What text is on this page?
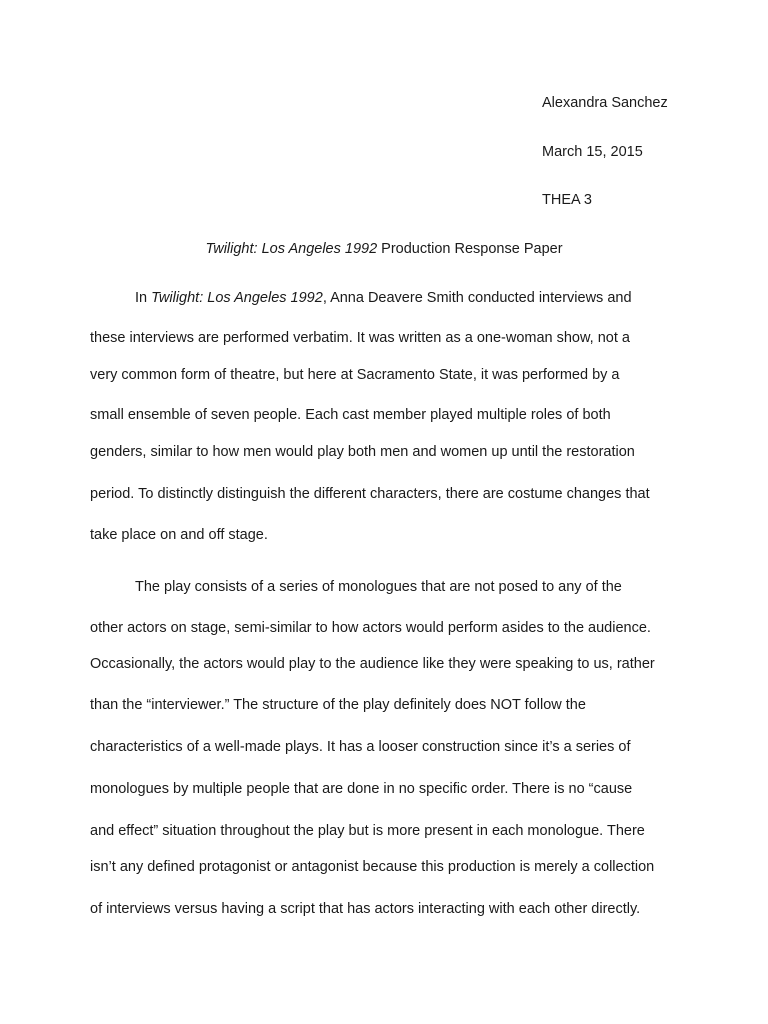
Alexandra Sanchez
March 15, 2015
THEA 3
Twilight: Los Angeles 1992 Production Response Paper
In Twilight: Los Angeles 1992, Anna Deavere Smith conducted interviews and
these interviews are performed verbatim. It was written as a one-woman show, not a
very common form of theatre, but here at Sacramento State, it was performed by a
small ensemble of seven people. Each cast member played multiple roles of both
genders, similar to how men would play both men and women up until the restoration
period. To distinctly distinguish the different characters, there are costume changes that
take place on and off stage.
The play consists of a series of monologues that are not posed to any of the
other actors on stage, semi-similar to how actors would perform asides to the audience.
Occasionally, the actors would play to the audience like they were speaking to us, rather
than the “interviewer.” The structure of the play definitely does NOT follow the
characteristics of a well-made plays. It has a looser construction since it’s a series of
monologues by multiple people that are done in no specific order. There is no “cause
and effect” situation throughout the play but is more present in each monologue. There
isn’t any defined protagonist or antagonist because this production is merely a collection
of interviews versus having a script that has actors interacting with each other directly.
